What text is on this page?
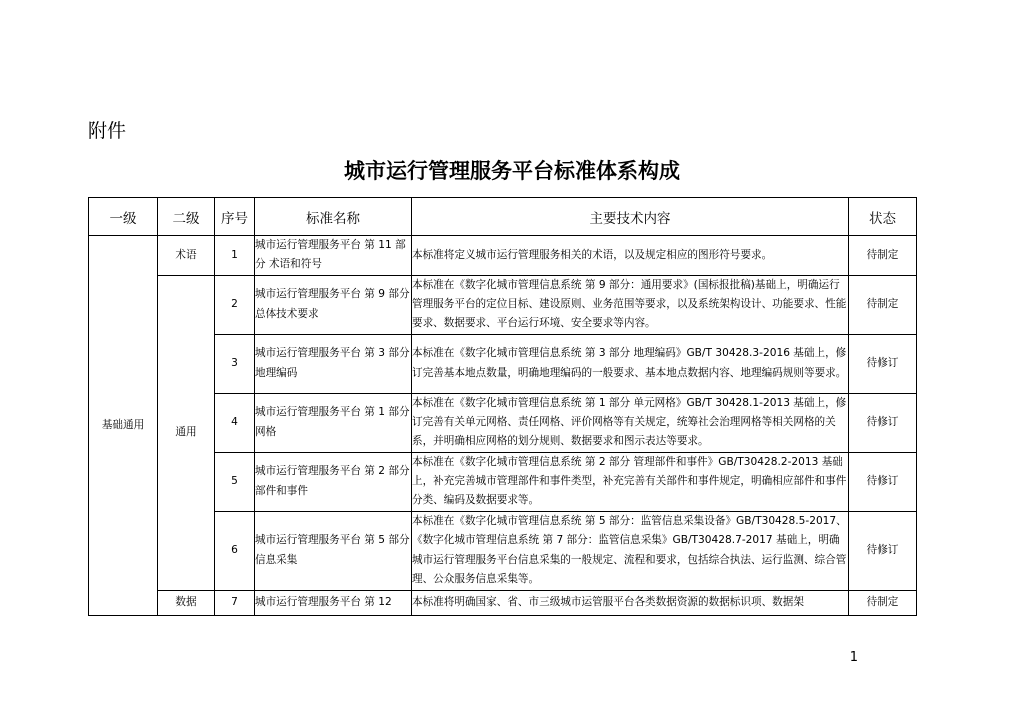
附件
城市运行管理服务平台标准体系构成
一级	二级	序号	标准名称	主要技术内容	状态
基础通用	术语	1	城市运行管理服务平台 第 11 部分 术语和符号	本标准将定义城市运行管理服务相关的术语，以及规定相应的图形符号要求。	待制定
	通用	2	城市运行管理服务平台 第 9 部分 总体技术要求	本标准在《数字化城市管理信息系统 第 9 部分：通用要求》(国标报批稿)基础上，明确运行管理服务平台的定位目标、建设原则、业务范围等要求，以及系统架构设计、功能要求、性能要求、数据要求、平台运行环境、安全要求等内容。	待制定
		3	城市运行管理服务平台 第 3 部分 地理编码	本标准在《数字化城市管理信息系统 第 3 部分 地理编码》GB/T 30428.3-2016 基础上，修订完善基本地点数量，明确地理编码的一般要求、基本地点数据内容、地理编码规则等要求。	待修订
		4	城市运行管理服务平台 第 1 部分 网格	本标准在《数字化城市管理信息系统 第 1 部分 单元网格》GB/T 30428.1-2013 基础上，修订完善有关单元网格、责任网格、评价网格等有关规定，统筹社会治理网格等相关网格的关系，并明确相应网格的划分规则、数据要求和图示表达等要求。	待修订
		5	城市运行管理服务平台 第 2 部分 部件和事件	本标准在《数字化城市管理信息系统 第 2 部分 管理部件和事件》GB/T30428.2-2013 基础上，补充完善城市管理部件和事件类型，补充完善有关部件和事件规定，明确相应部件和事件分类、编码及数据要求等。	待修订
		6	城市运行管理服务平台 第 5 部分 信息采集	本标准在《数字化城市管理信息系统 第 5 部分：监管信息采集设备》GB/T30428.5-2017、《数字化城市管理信息系统 第 7 部分：监管信息采集》GB/T30428.7-2017 基础上，明确城市运行管理服务平台信息采集的一般规定、流程和要求，包括综合执法、运行监测、综合管理、公众服务信息采集等。	待修订
	数据	7	城市运行管理服务平台 第 12	本标准将明确国家、省、市三级城市运管服平台各类数据资源的数据标识项、数据架	待制定
1
